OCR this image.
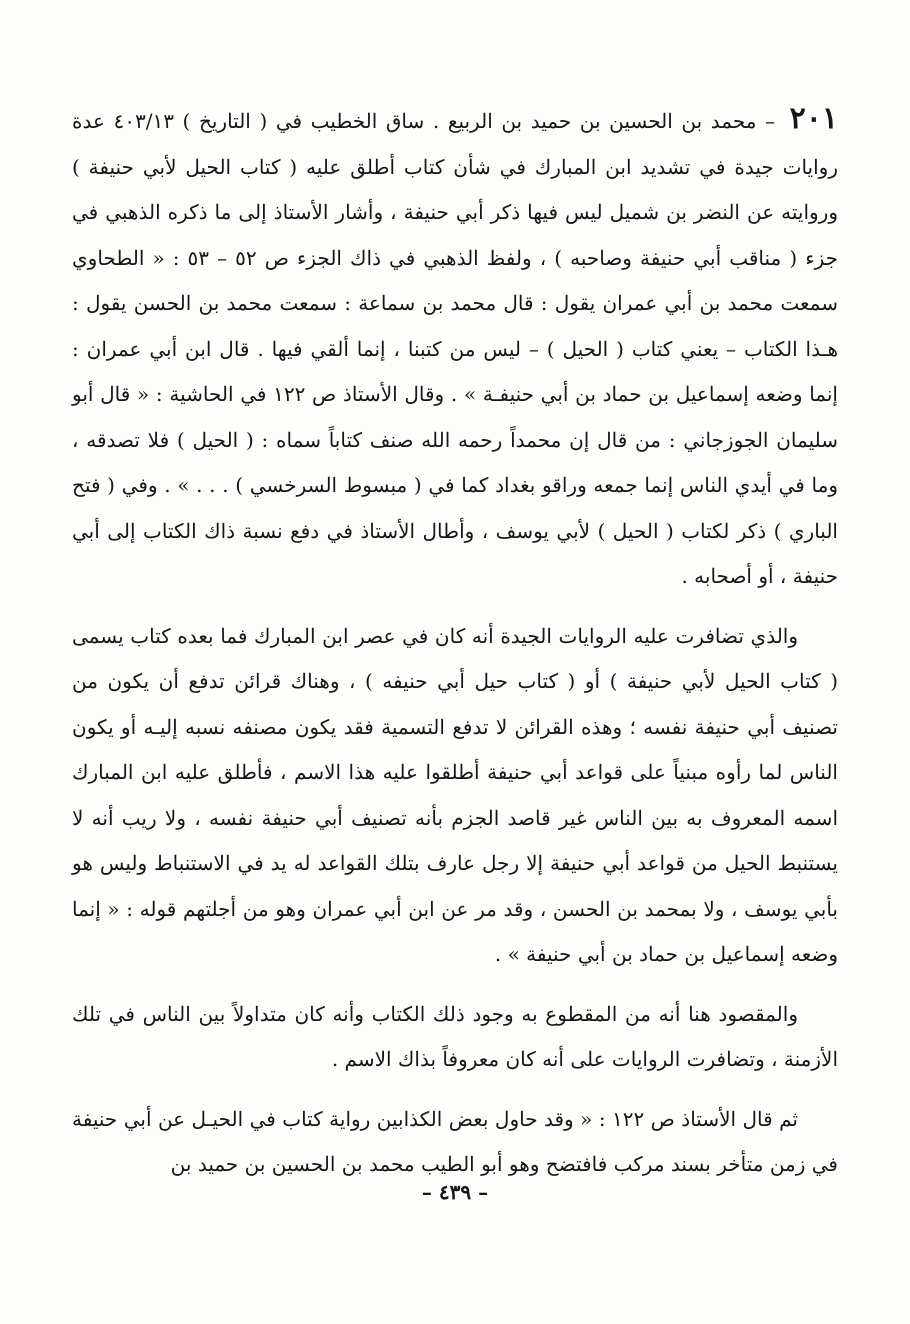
٢٠١ – محمد بن الحسين بن حميد بن الربيع . ساق الخطيب في ( التاريخ ) ٤٠٣/١٣ عدة روايات جيدة في تشديد ابن المبارك في شأن كتاب أطلق عليه ( كتاب الحيل لأبي حنيفة ) وروايته عن النضر بن شميل ليس فيها ذكر أبي حنيفة ، وأشار الأستاذ إلى ما ذكره الذهبي في جزء ( مناقب أبي حنيفة وصاحبه ) ، ولفظ الذهبي في ذاك الجزء ص ٥٢ – ٥٣ : « الطحاوي سمعت محمد بن أبي عمران يقول : قال محمد بن سماعة : سمعت محمد بن الحسن يقول : هـذا الكتاب – يعني كتاب ( الحيل ) – ليس من كتبنا ، إنما ألقي فيها . قال ابن أبي عمران : إنما وضعه إسماعيل بن حماد بن أبي حنيفـة » . وقال الأستاذ ص ١٢٢ في الحاشية : « قال أبو سليمان الجوزجاني : من قال إن محمداً رحمه الله صنف كتاباً سماه : ( الحيل ) فلا تصدقه ، وما في أيدي الناس إنما جمعه وراقو بغداد كما في ( مبسوط السرخسي ) . . . » . وفي ( فتح الباري ) ذكر لكتاب ( الحيل ) لأبي يوسف ، وأطال الأستاذ في دفع نسبة ذاك الكتاب إلى أبي حنيفة ، أو أصحابه .

والذي تضافرت عليه الروايات الجيدة أنه كان في عصر ابن المبارك فما بعده كتاب يسمى ( كتاب الحيل لأبي حنيفة ) أو ( كتاب حيل أبي حنيفه ) ، وهناك قرائن تدفع أن يكون من تصنيف أبي حنيفة نفسه ؛ وهذه القرائن لا تدفع التسمية فقد يكون مصنفه نسبه إليـه أو يكون الناس لما رأوه مبنياً على قواعد أبي حنيفة أطلقوا عليه هذا الاسم ، فأطلق عليه ابن المبارك اسمه المعروف به بين الناس غير قاصد الجزم بأنه تصنيف أبي حنيفة نفسه ، ولا ريب أنه لا يستنبط الحيل من قواعد أبي حنيفة إلا رجل عارف بتلك القواعد له يد في الاستنباط وليس هو بأبي يوسف ، ولا بمحمد بن الحسن ، وقد مر عن ابن أبي عمران وهو من أجلتهم قوله : « إنما وضعه إسماعيل بن حماد بن أبي حنيفة » .

والمقصود هنا أنه من المقطوع به وجود ذلك الكتاب وأنه كان متداولاً بين الناس في تلك الأزمنة ، وتضافرت الروايات على أنه كان معروفاً بذاك الاسم .

ثم قال الأستاذ ص ١٢٢ : « وقد حاول بعض الكذابين رواية كتاب في الحيـل عن أبي حنيفة في زمن متأخر بسند مركب فافتضح وهو أبو الطيب محمد بن الحسين بن حميد بن

– ٤٣٩ –
